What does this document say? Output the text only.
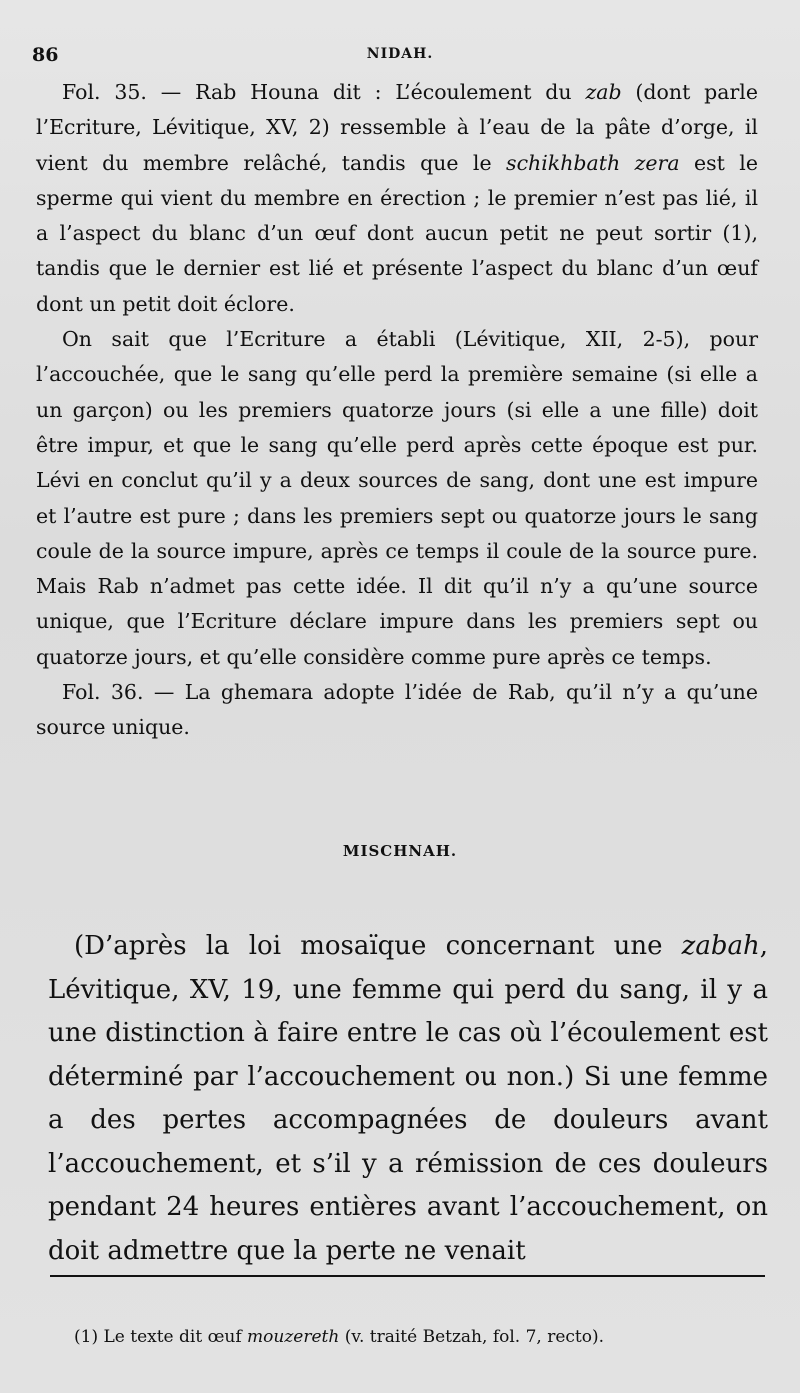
86	NIDAH.

Fol. 35. — Rab Houna dit : L’écoulement du zab (dont parle l’Ecriture, Lévitique, XV, 2) ressemble à l’eau de la pâte d’orge, il vient du membre relâché, tandis que le schikhbath zera est le sperme qui vient du membre en érection ; le premier n’est pas lié, il a l’aspect du blanc d’un œuf dont aucun petit ne peut sortir (1), tandis que le dernier est lié et présente l’aspect du blanc d’un œuf dont un petit doit éclore.

On sait que l’Ecriture a établi (Lévitique, XII, 2-5), pour l’accouchée, que le sang qu’elle perd la première semaine (si elle a un garçon) ou les premiers quatorze jours (si elle a une fille) doit être impur, et que le sang qu’elle perd après cette époque est pur. Lévi en conclut qu’il y a deux sources de sang, dont une est impure et l’autre est pure ; dans les premiers sept ou quatorze jours le sang coule de la source impure, après ce temps il coule de la source pure. Mais Rab n’admet pas cette idée. Il dit qu’il n’y a qu’une source unique, que l’Ecriture déclare impure dans les premiers sept ou quatorze jours, et qu’elle considère comme pure après ce temps.

Fol. 36. — La ghemara adopte l’idée de Rab, qu’il n’y a qu’une source unique.

MISCHNAH.

(D’après la loi mosaïque concernant une zabah, Lévitique, XV, 19, une femme qui perd du sang, il y a une distinction à faire entre le cas où l’écoulement est déterminé par l’accouchement ou non.) Si une femme a des pertes accompagnées de douleurs avant l’accouchement, et s’il y a rémission de ces douleurs pendant 24 heures entières avant l’accouchement, on doit admettre que la perte ne venait

(1) Le texte dit œuf mouzereth (v. traité Betzah, fol. 7, recto).
